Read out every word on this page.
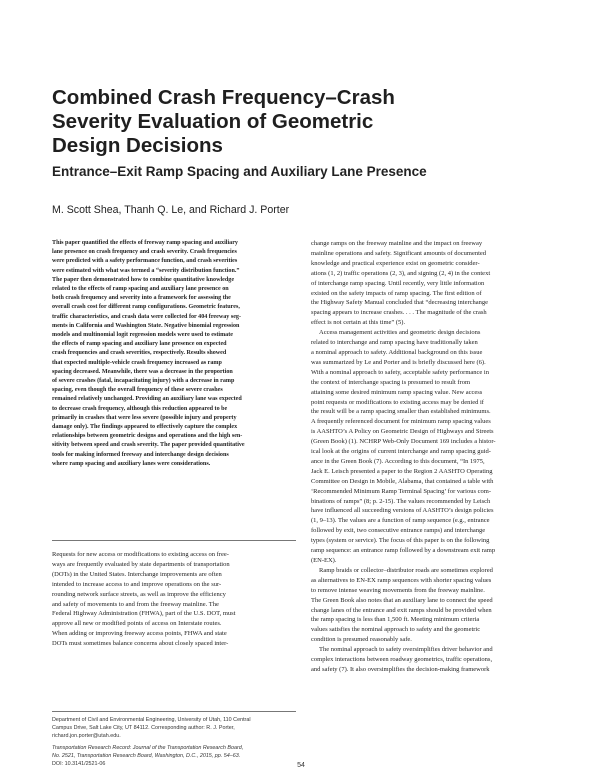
Combined Crash Frequency–Crash
Severity Evaluation of Geometric
Design Decisions
Entrance–Exit Ramp Spacing and Auxiliary Lane Presence

M. Scott Shea, Thanh Q. Le, and Richard J. Porter

This paper quantified the effects of freeway ramp spacing and auxiliary
lane presence on crash frequency and crash severity. Crash frequencies
were predicted with a safety performance function, and crash severities
were estimated with what was termed a “severity distribution function.”
The paper then demonstrated how to combine quantitative knowledge
related to the effects of ramp spacing and auxiliary lane presence on
both crash frequency and severity into a framework for assessing the
overall crash cost for different ramp configurations. Geometric features,
traffic characteristics, and crash data were collected for 404 freeway seg-
ments in California and Washington State. Negative binomial regression
models and multinomial logit regression models were used to estimate
the effects of ramp spacing and auxiliary lane presence on expected
crash frequencies and crash severities, respectively. Results showed
that expected multiple-vehicle crash frequency increased as ramp
spacing decreased. Meanwhile, there was a decrease in the proportion
of severe crashes (fatal, incapacitating injury) with a decrease in ramp
spacing, even though the overall frequency of these severe crashes
remained relatively unchanged. Providing an auxiliary lane was expected
to decrease crash frequency, although this reduction appeared to be
primarily in crashes that were less severe (possible injury and property
damage only). The findings appeared to effectively capture the complex
relationships between geometric designs and operations and the high sen-
sitivity between speed and crash severity. The paper provided quantitative
tools for making informed freeway and interchange design decisions
where ramp spacing and auxiliary lanes were considerations.
Requests for new access or modifications to existing access on free-
ways are frequently evaluated by state departments of transportation
(DOTs) in the United States. Interchange improvements are often
intended to increase access to and improve operations on the sur-
rounding network surface streets, as well as improve the efficiency
and safety of movements to and from the freeway mainline. The
Federal Highway Administration (FHWA), part of the U.S. DOT, must
approve all new or modified points of access on Interstate routes.
When adding or improving freeway access points, FHWA and state
DOTs must sometimes balance concerns about closely spaced inter-
change ramps on the freeway mainline and the impact on freeway
mainline operations and safety. Significant amounts of documented
knowledge and practical experience exist on geometric consider-
ations (1, 2) traffic operations (2, 3), and signing (2, 4) in the context
of interchange ramp spacing. Until recently, very little information
existed on the safety impacts of ramp spacing. The first edition of
the Highway Safety Manual concluded that “decreasing interchange
spacing appears to increase crashes. . . . The magnitude of the crash
effect is not certain at this time” (5).
Access management activities and geometric design decisions
related to interchange and ramp spacing have traditionally taken
a nominal approach to safety. Additional background on this issue
was summarized by Le and Porter and is briefly discussed here (6).
With a nominal approach to safety, acceptable safety performance in
the context of interchange spacing is presumed to result from
attaining some desired minimum ramp spacing value. New access
point requests or modifications to existing access may be denied if
the result will be a ramp spacing smaller than established minimums.
A frequently referenced document for minimum ramp spacing values
is AASHTO’s A Policy on Geometric Design of Highways and Streets
(Green Book) (1). NCHRP Web-Only Document 169 includes a histor-
ical look at the origins of current interchange and ramp spacing guid-
ance in the Green Book (7). According to this document, “In 1975,
Jack E. Leisch presented a paper to the Region 2 AASHTO Operating
Committee on Design in Mobile, Alabama, that contained a table with
‘Recommended Minimum Ramp Terminal Spacing’ for various com-
binations of ramps” (8; p. 2-15). The values recommended by Leisch
have influenced all succeeding versions of AASHTO’s design policies
(1, 9–13). The values are a function of ramp sequence (e.g., entrance
followed by exit, two consecutive entrance ramps) and interchange
types (system or service). The focus of this paper is on the following
ramp sequence: an entrance ramp followed by a downstream exit ramp
(EN-EX).
Ramp braids or collector–distributor roads are sometimes explored
as alternatives to EN-EX ramp sequences with shorter spacing values
to remove intense weaving movements from the freeway mainline.
The Green Book also notes that an auxiliary lane to connect the speed
change lanes of the entrance and exit ramps should be provided when
the ramp spacing is less than 1,500 ft. Meeting minimum criteria
values satisfies the nominal approach to safety and the geometric
condition is presumed reasonably safe.
The nominal approach to safety oversimplifies driver behavior and
complex interactions between roadway geometrics, traffic operations,
and safety (7). It also oversimplifies the decision-making framework
Department of Civil and Environmental Engineering, University of Utah, 110 Central
Campus Drive, Salt Lake City, UT 84112. Corresponding author: R. J. Porter,
richard.jon.porter@utah.edu.
Transportation Research Record: Journal of the Transportation Research Board,
No. 2521, Transportation Research Board, Washington, D.C., 2015, pp. 54–63.
DOI: 10.3141/2521-06	54
